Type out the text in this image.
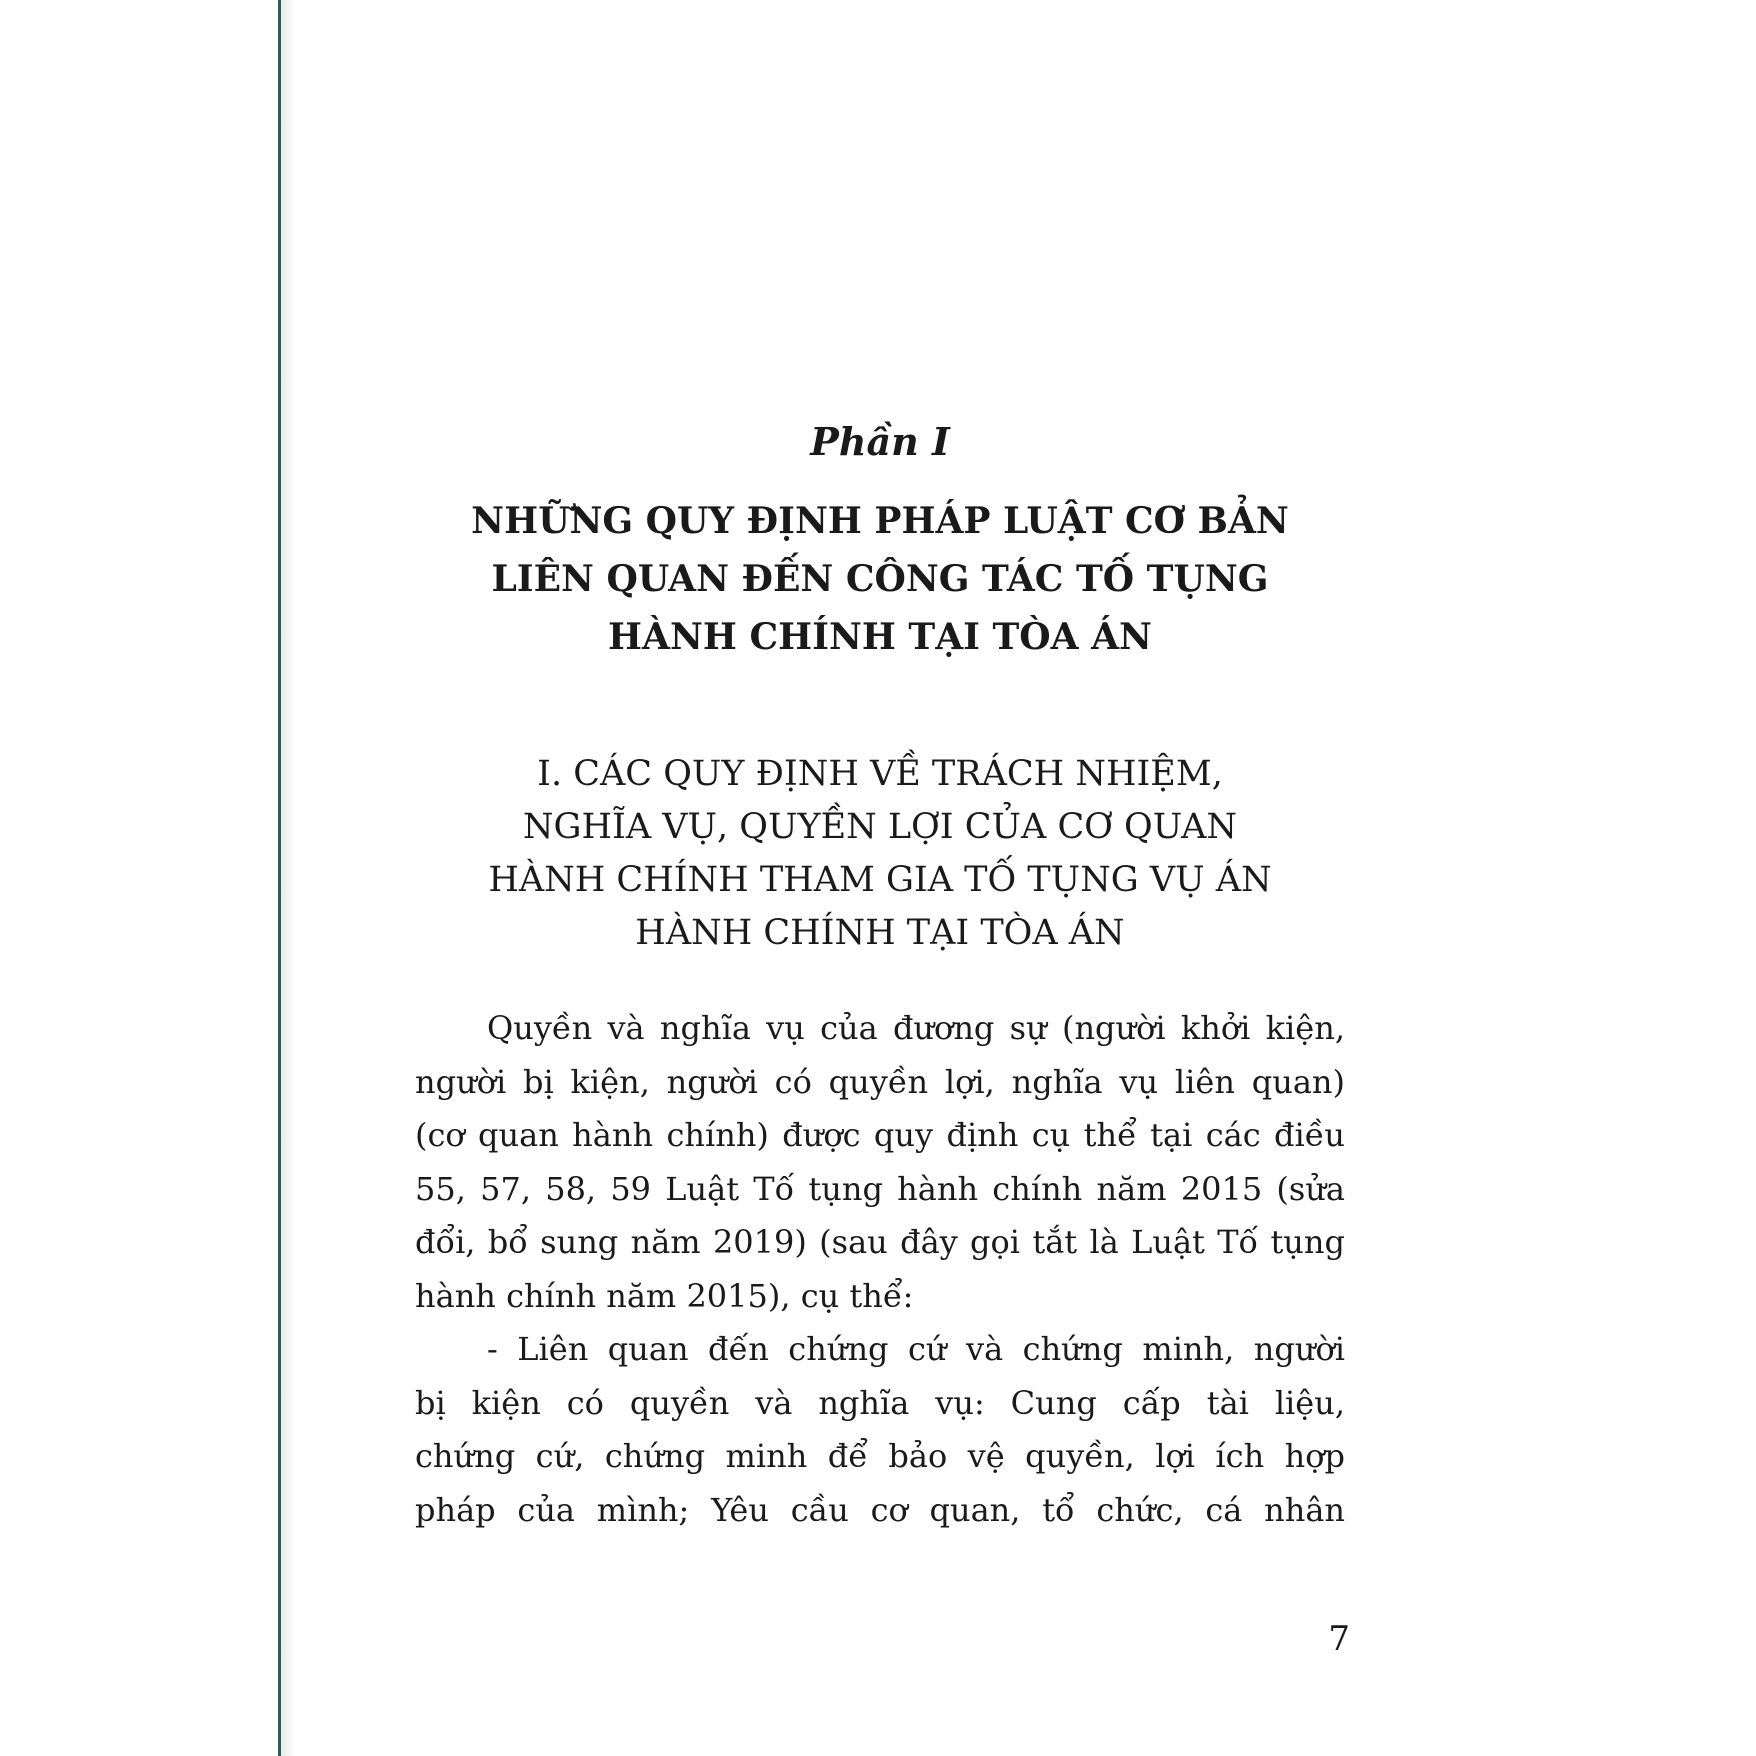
Phần I
NHỮNG QUY ĐỊNH PHÁP LUẬT CƠ BẢN
LIÊN QUAN ĐẾN CÔNG TÁC TỐ TỤNG
HÀNH CHÍNH TẠI TÒA ÁN
I. CÁC QUY ĐỊNH VỀ TRÁCH NHIỆM,
NGHĨA VỤ, QUYỀN LỢI CỦA CƠ QUAN
HÀNH CHÍNH THAM GIA TỐ TỤNG VỤ ÁN
HÀNH CHÍNH TẠI TÒA ÁN
Quyền và nghĩa vụ của đương sự (người khởi kiện,
người bị kiện, người có quyền lợi, nghĩa vụ liên quan)
(cơ quan hành chính) được quy định cụ thể tại các điều
55, 57, 58, 59 Luật Tố tụng hành chính năm 2015 (sửa
đổi, bổ sung năm 2019) (sau đây gọi tắt là Luật Tố tụng
hành chính năm 2015), cụ thể:
- Liên quan đến chứng cứ và chứng minh, người
bị kiện có quyền và nghĩa vụ: Cung cấp tài liệu,
chứng cứ, chứng minh để bảo vệ quyền, lợi ích hợp
pháp của mình; Yêu cầu cơ quan, tổ chức, cá nhân
7
